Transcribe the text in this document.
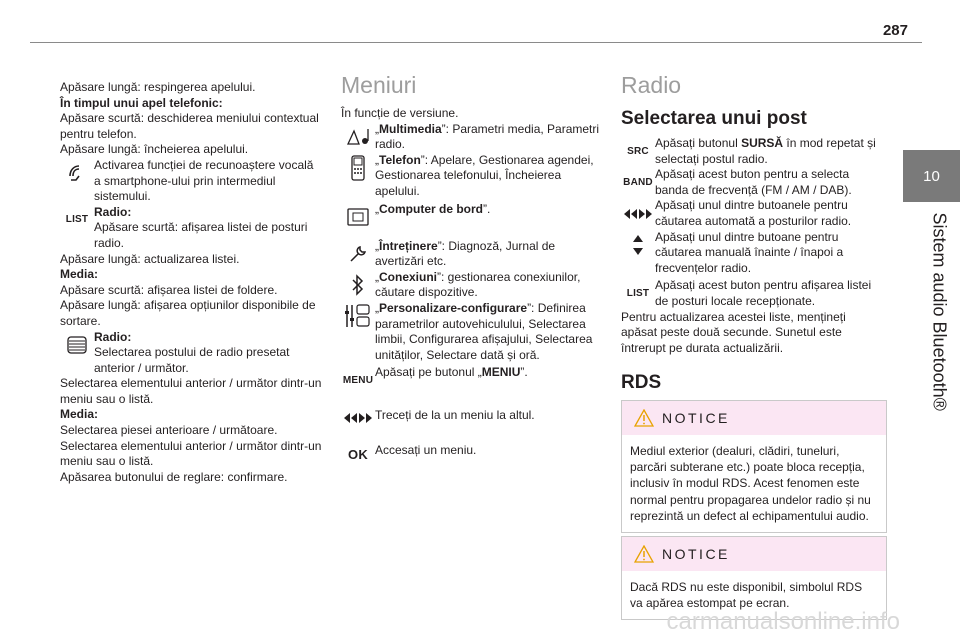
287
10
Sistem audio Bluetooth®

Apăsare lungă: respingerea apelului.

În timpul unui apel telefonic:

Apăsare scurtă: deschiderea meniului contextual pentru telefon.

Apăsare lungă: încheierea apelului.

Activarea funcției de recunoaștere vocală a smartphone-ului prin intermediul sistemului.
LIST
Radio:
Apăsare scurtă: afișarea listei de posturi radio.

Apăsare lungă: actualizarea listei.

Media:

Apăsare scurtă: afișarea listei de foldere.

Apăsare lungă: afișarea opțiunilor disponibile de sortare.

Radio:
Selectarea postului de radio presetat anterior / următor.

Selectarea elementului anterior / următor dintr-un meniu sau o listă.

Media:

Selectarea piesei anterioare / următoare.

Selectarea elementului anterior / următor dintr-un meniu sau o listă.

Apăsarea butonului de reglare: confirmare.

Meniuri

În funcție de versiune.

„Multimedia”: Parametri media, Parametri radio.
„Telefon”: Apelare, Gestionarea agendei, Gestionarea telefonului, Încheierea apelului.
„Computer de bord”.
„Întreținere”: Diagnoză, Jurnal de avertizări etc.
„Conexiuni”: gestionarea conexiunilor, căutare dispozitive.
„Personalizare-configurare”: Definirea parametrilor autovehiculului, Selectarea limbii, Configurarea afișajului, Selectarea unităților, Selectare dată și oră.
MENU
Apăsați pe butonul „MENIU”.
Treceți de la un meniu la altul.
OK Accesați un meniu.
Radio
Selectarea unui post
SRC
Apăsați butonul SURSĂ în mod repetat și selectați postul radio.
BAND
Apăsați acest buton pentru a selecta banda de frecvență (FM / AM / DAB).
Apăsați unul dintre butoanele pentru căutarea automată a posturilor radio.
Apăsați unul dintre butoane pentru căutarea manuală înainte / înapoi a frecvențelor radio.
LIST
Apăsați acest buton pentru afișarea listei de posturi locale recepționate.

Pentru actualizarea acestei liste, mențineți apăsat peste două secunde. Sunetul este întrerupt pe durata actualizării.

RDS
NOTICE
Mediul exterior (dealuri, clădiri, tuneluri, parcări subterane etc.) poate bloca recepția, inclusiv în modul RDS. Acest fenomen este normal pentru propagarea undelor radio și nu reprezintă un defect al echipamentului audio.
NOTICE
Dacă RDS nu este disponibil, simbolul RDS va apărea estompat pe ecran.
carmanualsonline.info
